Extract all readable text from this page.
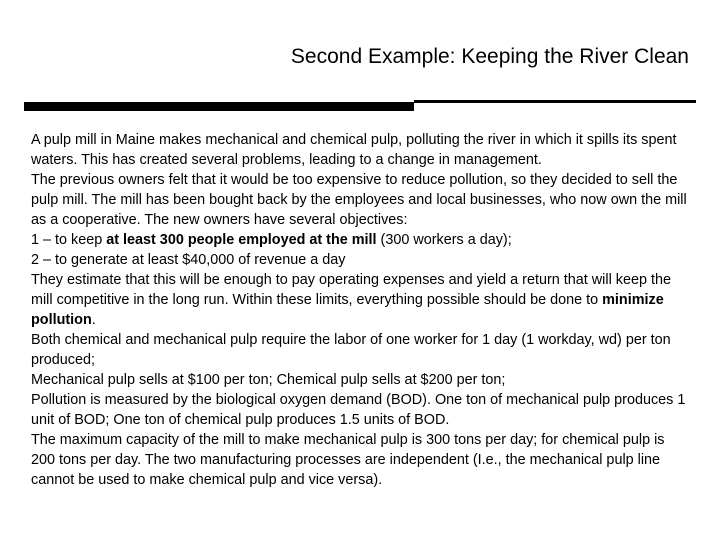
Second Example: Keeping the River Clean

A pulp mill in Maine makes mechanical and chemical pulp, polluting the river in which it spills its spent waters. This has created several problems, leading to a change in management.

The previous owners felt that it would be too expensive to reduce pollution, so they decided to sell the pulp mill. The mill has been bought back by the employees and local businesses, who now own the mill as a cooperative. The new owners have several objectives:

1 – to keep at least 300 people employed at the mill (300 workers a day);

2 – to generate at least $40,000 of revenue a day

They estimate that this will be enough to pay operating expenses and yield a return that will keep the mill competitive in the long run. Within these limits, everything possible should be done to minimize pollution.

Both chemical and mechanical pulp require the labor of one worker for 1 day (1 workday, wd) per ton produced;

Mechanical pulp sells at $100 per ton; Chemical pulp sells at $200 per ton;

Pollution is measured by the biological oxygen demand (BOD). One ton of mechanical pulp produces 1 unit of BOD; One ton of chemical pulp produces 1.5 units of BOD.

The maximum capacity of the mill to make mechanical pulp is 300 tons per day; for chemical pulp is 200 tons per day. The two manufacturing processes are independent (I.e., the mechanical pulp line cannot be used to make chemical pulp and vice versa).
